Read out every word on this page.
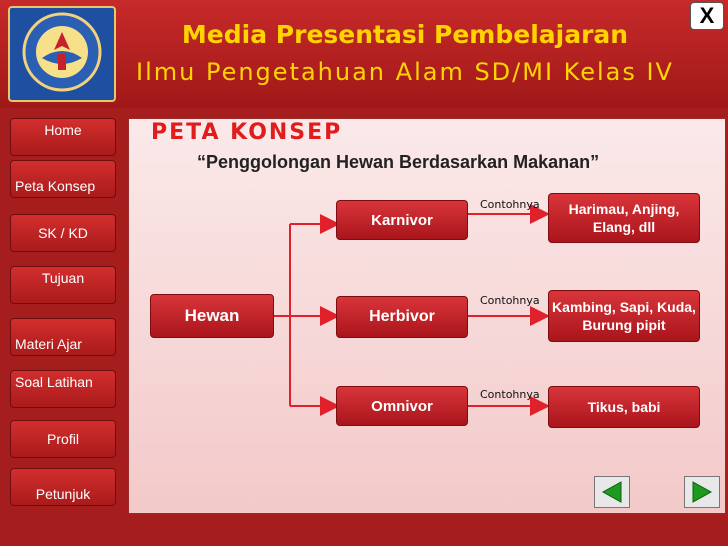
Media Presentasi Pembelajaran
Ilmu Pengetahuan Alam SD/MI Kelas IV
X
Home
Peta Konsep
SK / KD
Tujuan
Materi Ajar
Soal Latihan
Profil
Petunjuk
PETA KONSEP
“Penggolongan Hewan Berdasarkan Makanan”
Hewan
Karnivor
Herbivor
Omnivor
Contohnya
Contohnya
Contohnya
Harimau, Anjing, Elang, dll
Kambing, Sapi, Kuda, Burung pipit
Tikus, babi
